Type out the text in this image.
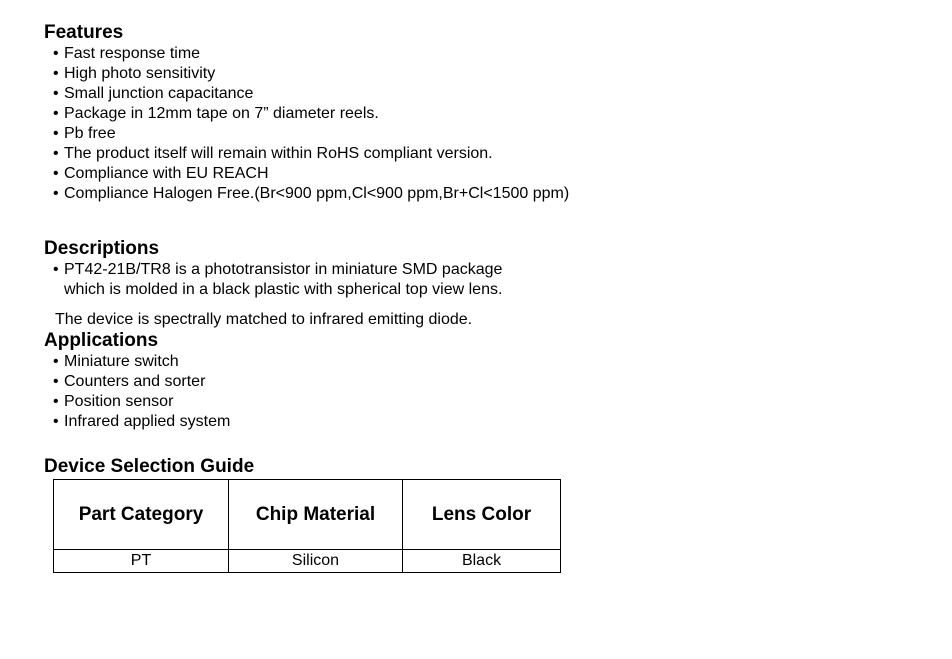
Features
• Fast response time
• High photo sensitivity
• Small junction capacitance
• Package in 12mm tape on 7” diameter reels.
• Pb free
• The product itself will remain within RoHS compliant version.
• Compliance with EU REACH
• Compliance Halogen Free.(Br<900 ppm,Cl<900 ppm,Br+Cl<1500 ppm)
Descriptions
• PT42-21B/TR8 is a phototransistor in miniature SMD package
which is molded in a black plastic with spherical top view lens.
The device is spectrally matched to infrared emitting diode.
Applications
• Miniature switch
• Counters and sorter
• Position sensor
• Infrared applied system
Device Selection Guide
Part Category	Chip Material	Lens Color
PT	Silicon	Black
